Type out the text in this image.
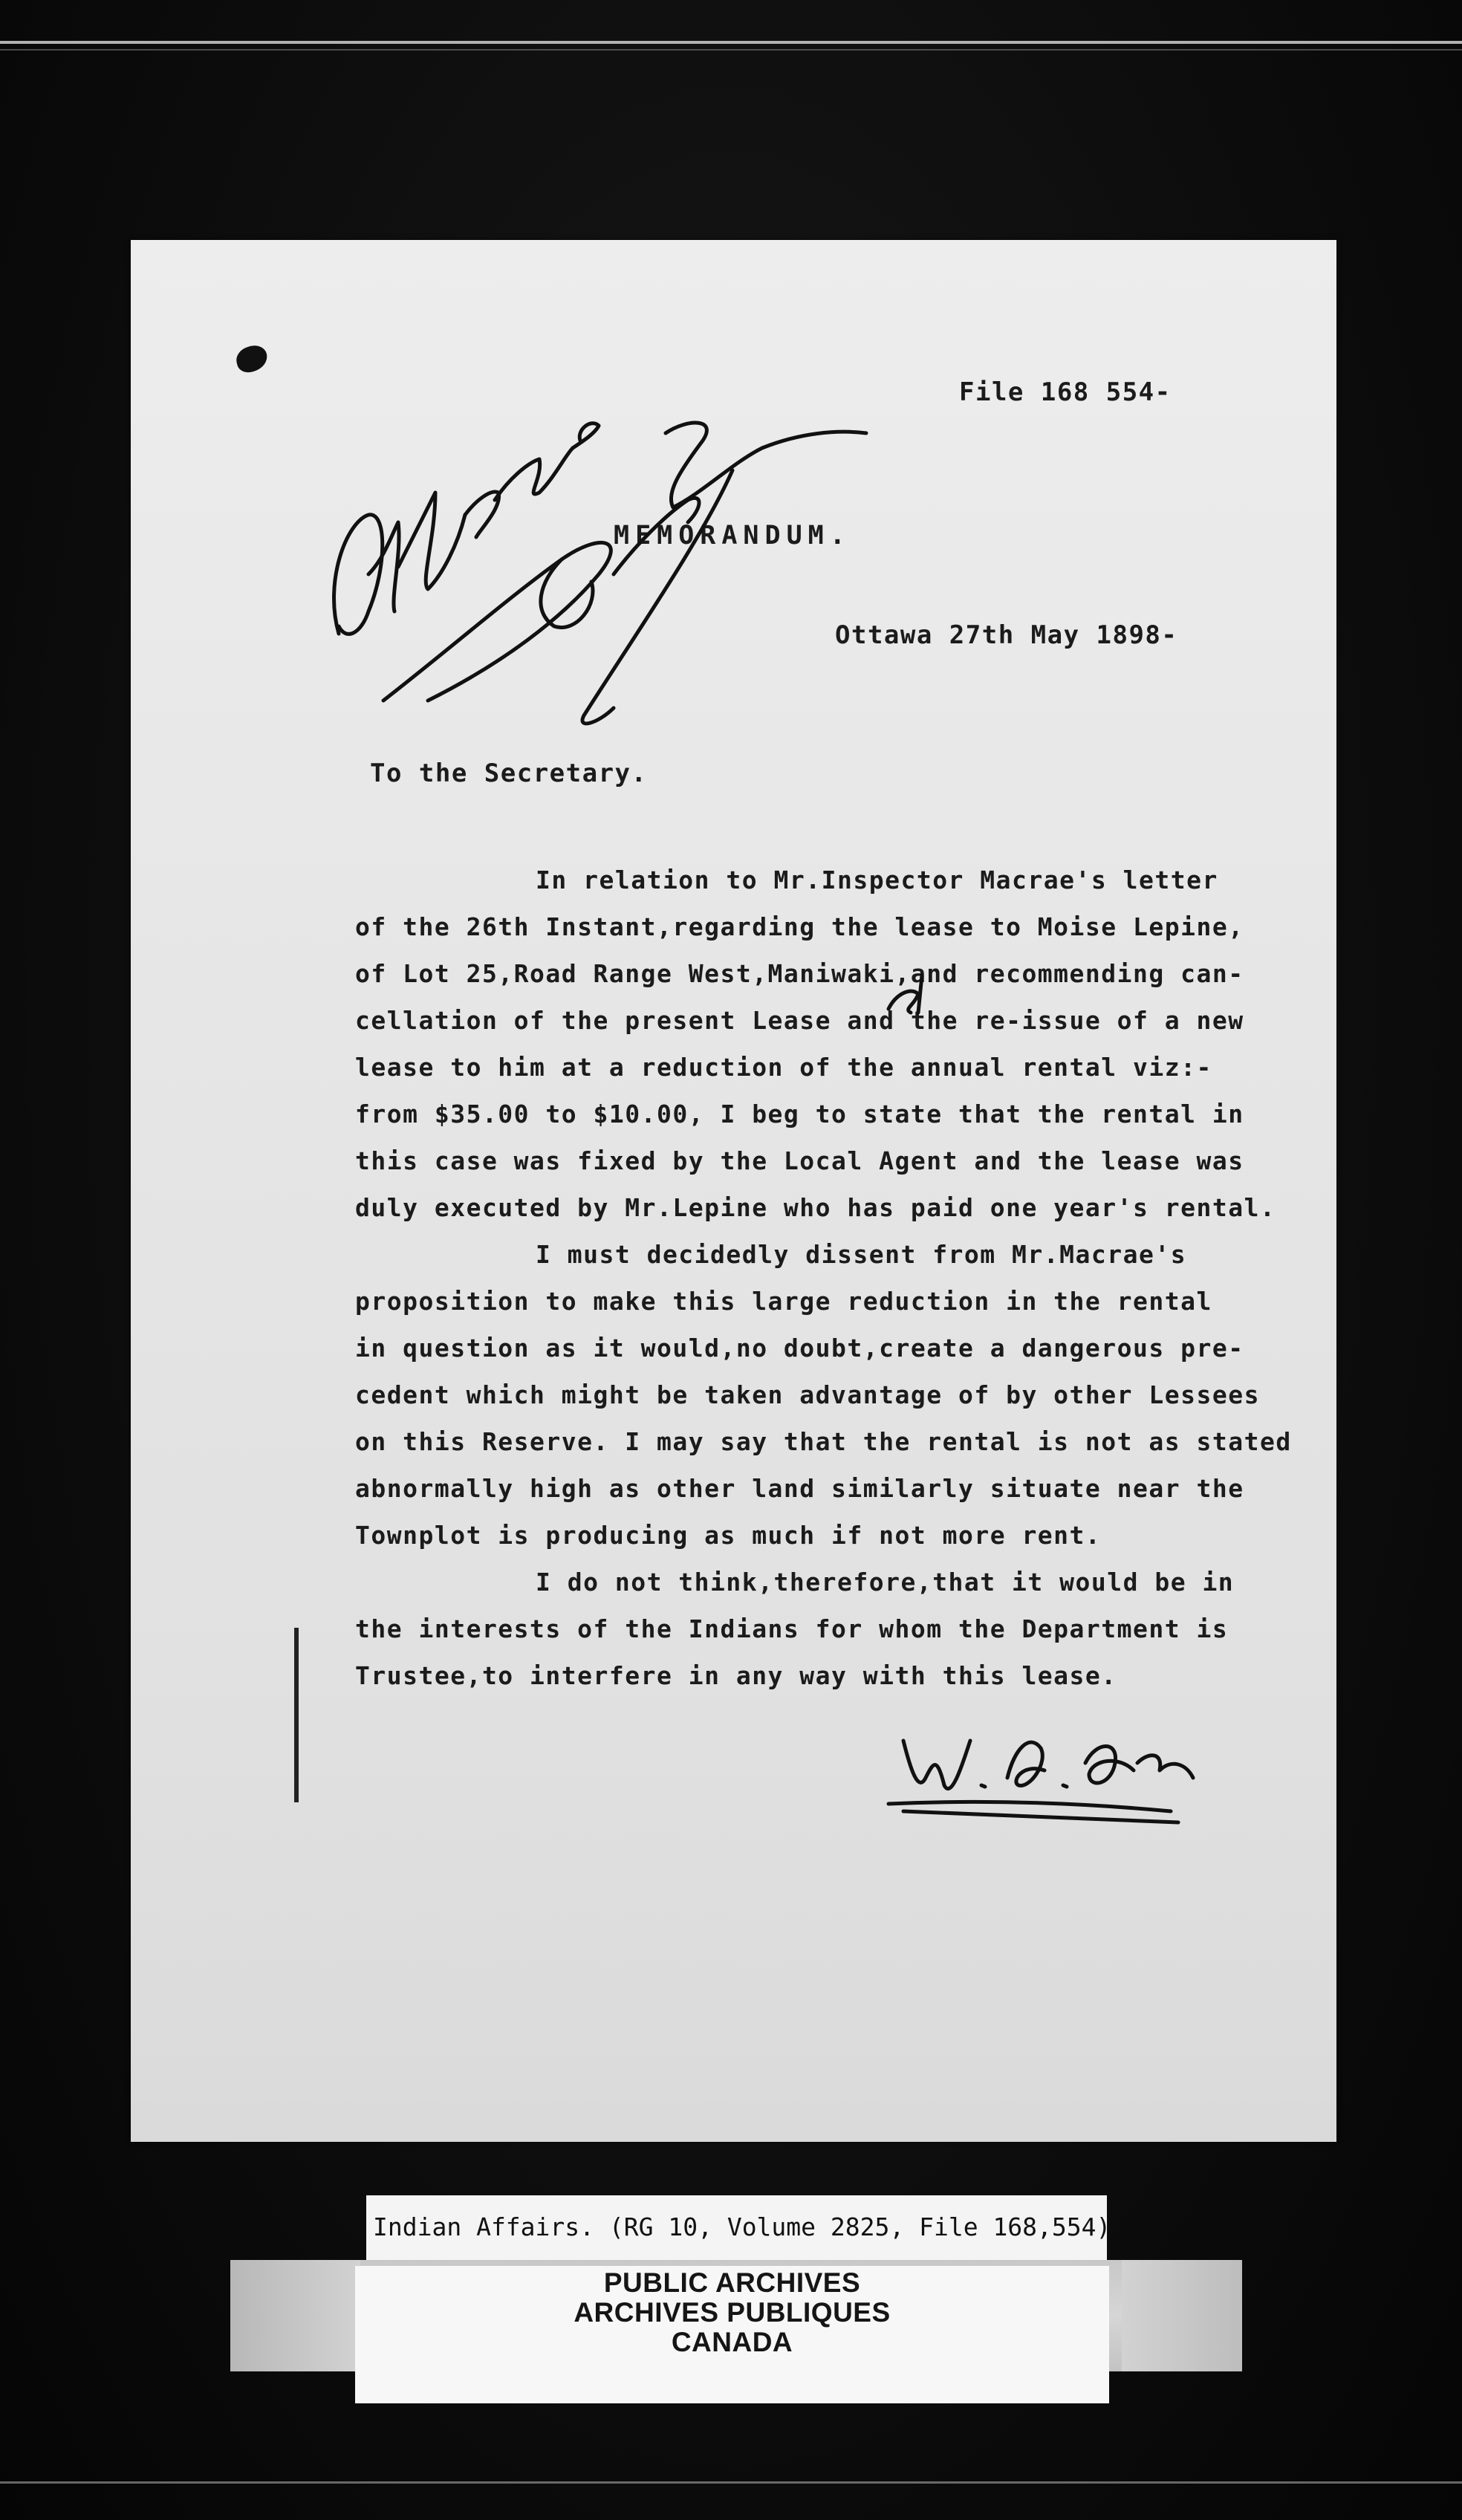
File 168 554-
MEMORANDUM.
Ottawa 27th May 1898-
To the Secretary.
In relation to Mr.Inspector Macrae's letter
of the 26th Instant,regarding the lease to Moise Lepine,
of Lot 25,Road Range West,Maniwaki,and recommending can-
cellation of the present Lease and the re-issue of a new
lease to him at a reduction of the annual rental viz:-
from $35.00 to $10.00, I beg to state that the rental in
this case was fixed by the Local Agent and the lease was
duly executed by Mr.Lepine who has paid one year's rental.
I must decidedly dissent from Mr.Macrae's
proposition to make this large reduction in the rental
in question as it would,no doubt,create a dangerous pre-
cedent which might be taken advantage of by other Lessees
on this Reserve. I may say that the rental is not as stated
abnormally high as other land similarly situate near the
Townplot is producing as much if not more rent.
I do not think,therefore,that it would be in
the interests of the Indians for whom the Department is
Trustee,to interfere in any way with this lease.
Indian Affairs. (RG 10, Volume 2825, File 168,554)
PUBLIC ARCHIVES
ARCHIVES PUBLIQUES
CANADA
